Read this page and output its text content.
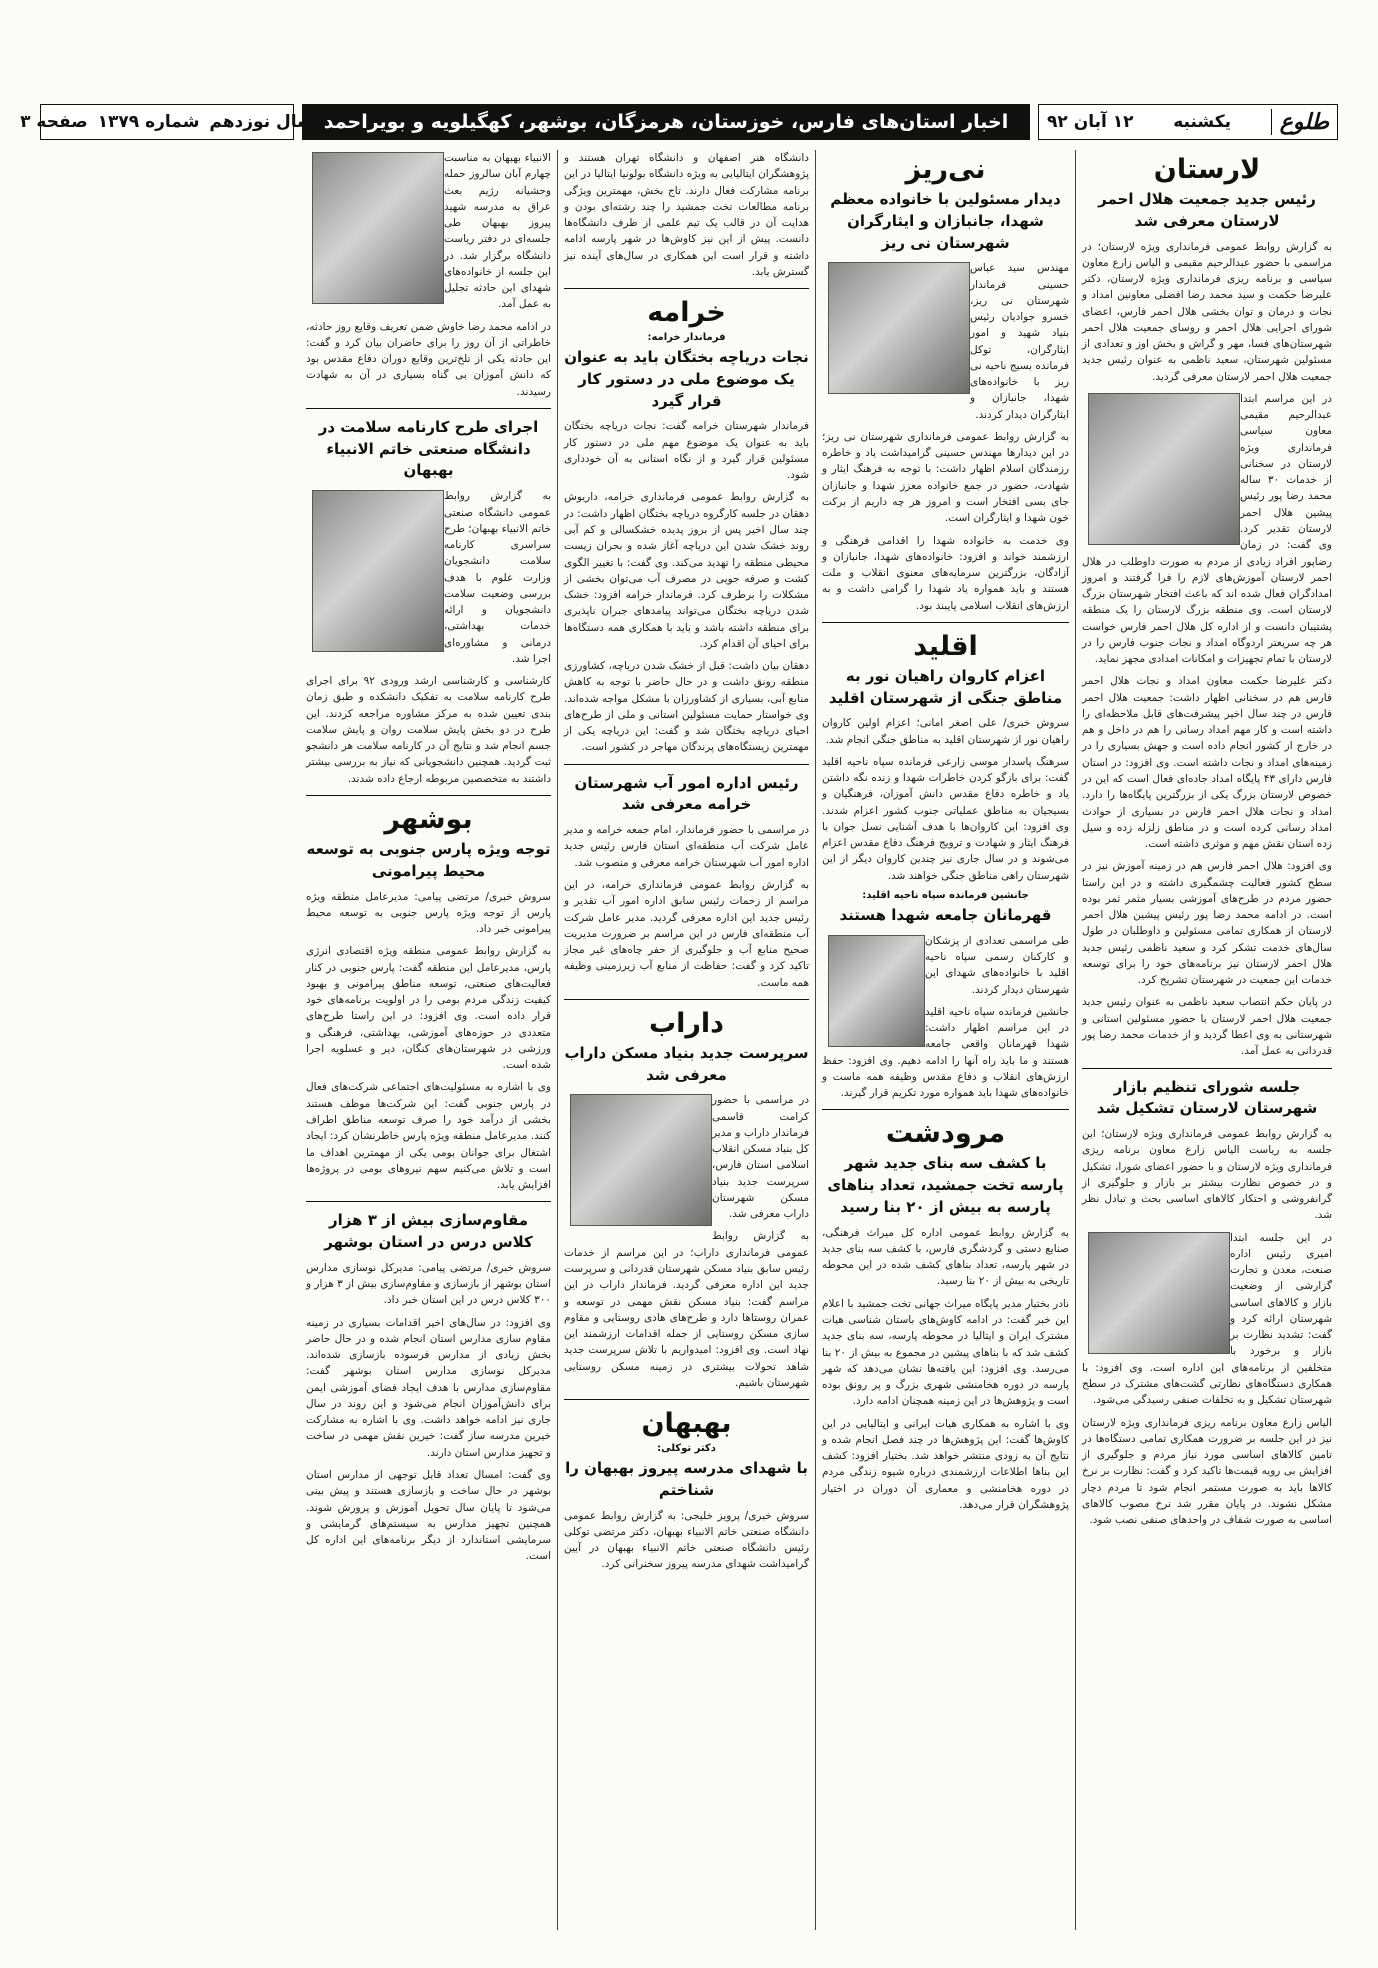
طلوع
یکشنبه
۱۲ آبان ۹۲
اخبار استان‌های فارس، خوزستان، هرمزگان، بوشهر، کهگیلویه و بویراحمد
سال نوزدهم
شماره ۱۳۷۹
صفحه ۳
لارستان
رئیس جدید جمعیت هلال احمر لارستان معرفی شد

به گزارش روابط عمومی فرمانداری ویژه لارستان؛ در مراسمی با حضور عبدالرحیم مقیمی و الیاس زارع معاون سیاسی و برنامه ریزی فرمانداری ویژه لارستان، دکتر علیرضا حکمت و سید محمد رضا افضلی معاونین امداد و نجات و درمان و توان بخشی هلال احمر فارس، اعضای شورای اجرایی هلال احمر و روسای جمعیت هلال احمر شهرستان‌های فسا، مهر و گراش و بخش اوز و تعدادی از مسئولین شهرستان، سعید ناظمی به عنوان رئیس جدید جمعیت هلال احمر لارستان معرفی گردید.

در این مراسم ابتدا عبدالرحیم مقیمی معاون سیاسی فرمانداری ویژه لارستان در سخنانی از خدمات ۳۰ ساله محمد رضا پور رئیس پیشین هلال احمر لارستان تقدیر کرد. وی گفت: در زمان رضاپور افراد زیادی از مردم به صورت داوطلب در هلال احمر لارستان آموزش‌های لازم را فرا گرفتند و امروز امدادگران فعال شده اند که باعث افتخار شهرستان بزرگ لارستان است. وی منطقه بزرگ لارستان را یک منطقه پشتیبان دانست و از اداره کل هلال احمر فارس خواست هر چه سریعتر اردوگاه امداد و نجات جنوب فارس را در لارستان با تمام تجهیزات و امکانات امدادی مجهز نماید.

دکتر علیرضا حکمت معاون امداد و نجات هلال احمر فارس هم در سخنانی اظهار داشت: جمعیت هلال احمر فارس در چند سال اخیر پیشرفت‌های قابل ملاحظه‌ای را داشته است و کار مهم امداد رسانی را هم در داخل و هم در خارج از کشور انجام داده است و جهش بسیاری را در زمینه‌های امداد و نجات داشته است. وی افزود: در استان فارس دارای ۴۳ پایگاه امداد جاده‌ای فعال است که این در خصوص لارستان بزرگ یکی از بزرگترین پایگاه‌ها را دارد. امداد و نجات هلال احمر فارس در بسیاری از حوادث امداد رسانی کرده است و در مناطق زلزله زده و سیل زده استان نقش مهم و موثری داشته است.

وی افزود: هلال احمر فارس هم در زمینه آموزش نیز در سطح کشور فعالیت چشمگیری داشته و در این راستا حضور مردم در طرح‌های آموزشی بسیار مثمر ثمر بوده است. در ادامه محمد رضا پور رئیس پیشین هلال احمر لارستان از همکاری تمامی مسئولین و داوطلبان در طول سال‌های خدمت تشکر کرد و سعید ناظمی رئیس جدید هلال احمر لارستان نیز برنامه‌های خود را برای توسعه خدمات این جمعیت در شهرستان تشریح کرد.

در پایان حکم انتصاب سعید ناظمی به عنوان رئیس جدید جمعیت هلال احمر لارستان با حضور مسئولین استانی و شهرستانی به وی اعطا گردید و از خدمات محمد رضا پور قدردانی به عمل آمد.

جلسه شورای تنظیم بازار شهرستان لارستان تشکیل شد

به گزارش روابط عمومی فرمانداری ویژه لارستان؛ این جلسه به ریاست الیاس زارع معاون برنامه ریزی فرمانداری ویژه لارستان و با حضور اعضای شورا، تشکیل و در خصوص نظارت بیشتر بر بازار و جلوگیری از گرانفروشی و احتکار کالاهای اساسی بحث و تبادل نظر شد.

در این جلسه ابتدا امیری رئیس اداره صنعت، معدن و تجارت گزارشی از وضعیت بازار و کالاهای اساسی شهرستان ارائه کرد و گفت: تشدید نظارت بر بازار و برخورد با متخلفین از برنامه‌های این اداره است. وی افزود: با همکاری دستگاه‌های نظارتی گشت‌های مشترک در سطح شهرستان تشکیل و به تخلفات صنفی رسیدگی می‌شود.

الیاس زارع معاون برنامه ریزی فرمانداری ویژه لارستان نیز در این جلسه بر ضرورت همکاری تمامی دستگاه‌ها در تامین کالاهای اساسی مورد نیاز مردم و جلوگیری از افزایش بی رویه قیمت‌ها تاکید کرد و گفت: نظارت بر نرخ کالاها باید به صورت مستمر انجام شود تا مردم دچار مشکل نشوند. در پایان مقرر شد نرخ مصوب کالاهای اساسی به صورت شفاف در واحدهای صنفی نصب شود.

نی‌ریز
دیدار مسئولین با خانواده معظم شهدا، جانبازان و ایثارگران شهرستان نی ریز

مهندس سید عباس حسینی فرماندار شهرستان نی ریز، خسرو جوادیان رئیس بنیاد شهید و امور ایثارگران، توکل فرمانده بسیج ناحیه نی ریز با خانواده‌های شهدا، جانبازان و ایثارگران دیدار کردند.

به گزارش روابط عمومی فرمانداری شهرستان نی ریز؛ در این دیدارها مهندس حسینی گرامیداشت یاد و خاطره رزمندگان اسلام اظهار داشت: با توجه به فرهنگ ایثار و شهادت، حضور در جمع خانواده معزز شهدا و جانبازان جای بسی افتخار است و امروز هر چه داریم از برکت خون شهدا و ایثارگران است.

وی خدمت به خانواده شهدا را اقدامی فرهنگی و ارزشمند خواند و افزود: خانواده‌های شهدا، جانبازان و آزادگان، بزرگترین سرمایه‌های معنوی انقلاب و ملت هستند و باید همواره یاد شهدا را گرامی داشت و به ارزش‌های انقلاب اسلامی پایبند بود.

اقلید
اعزام کاروان راهیان نور به مناطق جنگی از شهرستان اقلید

سروش خبری/ علی اصغر امانی؛ اعزام اولین کاروان راهیان نور از شهرستان اقلید به مناطق جنگی انجام شد.

سرهنگ پاسدار موسی زارعی فرمانده سپاه ناحیه اقلید گفت: برای بازگو کردن خاطرات شهدا و زنده نگه داشتن یاد و خاطره دفاع مقدس دانش آموزان، فرهنگیان و بسیجیان به مناطق عملیاتی جنوب کشور اعزام شدند. وی افزود: این کاروان‌ها با هدف آشنایی نسل جوان با فرهنگ ایثار و شهادت و ترویج فرهنگ دفاع مقدس اعزام می‌شوند و در سال جاری نیز چندین کاروان دیگر از این شهرستان راهی مناطق جنگی خواهند شد.

جانشین فرمانده سپاه ناحیه اقلید:
قهرمانان جامعه شهدا هستند

طی مراسمی تعدادی از پزشکان و کارکنان رسمی سپاه ناحیه اقلید با خانواده‌های شهدای این شهرستان دیدار کردند.

جانشین فرمانده سپاه ناحیه اقلید در این مراسم اظهار داشت: شهدا قهرمانان واقعی جامعه هستند و ما باید راه آنها را ادامه دهیم. وی افزود: حفظ ارزش‌های انقلاب و دفاع مقدس وظیفه همه ماست و خانواده‌های شهدا باید همواره مورد تکریم قرار گیرند.

مرودشت
با کشف سه بنای جدید شهر پارسه تخت جمشید، تعداد بناهای پارسه به بیش از ۲۰ بنا رسید

به گزارش روابط عمومی اداره کل میراث فرهنگی، صنایع دستی و گردشگری فارس، با کشف سه بنای جدید در شهر پارسه، تعداد بناهای کشف شده در این محوطه تاریخی به بیش از ۲۰ بنا رسید.

نادر بختیار مدیر پایگاه میراث جهانی تخت جمشید با اعلام این خبر گفت: در ادامه کاوش‌های باستان شناسی هیات مشترک ایران و ایتالیا در محوطه پارسه، سه بنای جدید کشف شد که با بناهای پیشین در مجموع به بیش از ۲۰ بنا می‌رسد. وی افزود: این یافته‌ها نشان می‌دهد که شهر پارسه در دوره هخامنشی شهری بزرگ و پر رونق بوده است و پژوهش‌ها در این زمینه همچنان ادامه دارد.

وی با اشاره به همکاری هیات ایرانی و ایتالیایی در این کاوش‌ها گفت: این پژوهش‌ها در چند فصل انجام شده و نتایج آن به زودی منتشر خواهد شد. بختیار افزود: کشف این بناها اطلاعات ارزشمندی درباره شیوه زندگی مردم در دوره هخامنشی و معماری آن دوران در اختیار پژوهشگران قرار می‌دهد.

دانشگاه هنر اصفهان و دانشگاه تهران هستند و پژوهشگران ایتالیایی به ویژه دانشگاه بولونیا ایتالیا در این برنامه مشارکت فعال دارند. تاج بخش، مهمترین ویژگی برنامه مطالعات تخت جمشید را چند رشته‌ای بودن و هدایت آن در قالب یک تیم علمی از طرف دانشگاه‌ها دانست. پیش از این نیز کاوش‌ها در شهر پارسه ادامه داشته و قرار است این همکاری در سال‌های آینده نیز گسترش یابد.

خرامه
فرماندار خرامه:
نجات دریاچه بختگان باید به عنوان یک موضوع ملی در دستور کار قرار گیرد

فرماندار شهرستان خرامه گفت: نجات دریاچه بختگان باید به عنوان یک موضوع مهم ملی در دستور کار مسئولین قرار گیرد و از نگاه استانی به آن خودداری شود.

به گزارش روابط عمومی فرمانداری خرامه، داریوش دهقان در جلسه کارگروه دریاچه بختگان اظهار داشت: در چند سال اخیر پس از بروز پدیده خشکسالی و کم آبی روند خشک شدن این دریاچه آغاز شده و بحران زیست محیطی منطقه را تهدید می‌کند. وی گفت: با تغییر الگوی کشت و صرفه جویی در مصرف آب می‌توان بخشی از مشکلات را برطرف کرد. فرماندار خرامه افزود: خشک شدن دریاچه بختگان می‌تواند پیامدهای جبران ناپذیری برای منطقه داشته باشد و باید با همکاری همه دستگاه‌ها برای احیای آن اقدام کرد.

دهقان بیان داشت: قبل از خشک شدن دریاچه، کشاورزی منطقه رونق داشت و در حال حاضر با توجه به کاهش منابع آبی، بسیاری از کشاورزان با مشکل مواجه شده‌اند. وی خواستار حمایت مسئولین استانی و ملی از طرح‌های احیای دریاچه بختگان شد و گفت: این دریاچه یکی از مهمترین زیستگاه‌های پرندگان مهاجر در کشور است.

رئیس اداره امور آب شهرستان خرامه معرفی شد

در مراسمی با حضور فرماندار، امام جمعه خرامه و مدیر عامل شرکت آب منطقه‌ای استان فارس رئیس جدید اداره امور آب شهرستان خرامه معرفی و منصوب شد.

به گزارش روابط عمومی فرمانداری خرامه، در این مراسم از زحمات رئیس سابق اداره امور آب تقدیر و رئیس جدید این اداره معرفی گردید. مدیر عامل شرکت آب منطقه‌ای فارس در این مراسم بر ضرورت مدیریت صحیح منابع آب و جلوگیری از حفر چاه‌های غیر مجاز تاکید کرد و گفت: حفاظت از منابع آب زیرزمینی وظیفه همه ماست.

داراب
سرپرست جدید بنیاد مسکن داراب معرفی شد

در مراسمی با حضور کرامت قاسمی فرماندار داراب و مدیر کل بنیاد مسکن انقلاب اسلامی استان فارس، سرپرست جدید بنیاد مسکن شهرستان داراب معرفی شد.

به گزارش روابط عمومی فرمانداری داراب؛ در این مراسم از خدمات رئیس سابق بنیاد مسکن شهرستان قدردانی و سرپرست جدید این اداره معرفی گردید. فرماندار داراب در این مراسم گفت: بنیاد مسکن نقش مهمی در توسعه و عمران روستاها دارد و طرح‌های هادی روستایی و مقاوم سازی مسکن روستایی از جمله اقدامات ارزشمند این نهاد است. وی افزود: امیدواریم با تلاش سرپرست جدید شاهد تحولات بیشتری در زمینه مسکن روستایی شهرستان باشیم.

بهبهان
دکتر توکلی:
با شهدای مدرسه پیروز بهبهان را شناختم

سروش خبری/ پرویز خلیجی: به گزارش روابط عمومی دانشگاه صنعتی خاتم الانبیاء بهبهان، دکتر مرتضی توکلی رئیس دانشگاه صنعتی خاتم الانبیاء بهبهان در آیین گرامیداشت شهدای مدرسه پیروز سخنرانی کرد.

الانبیاء بهبهان به مناسبت چهارم آبان سالروز حمله وحشیانه رژیم بعث عراق به مدرسه شهید پیروز بهبهان طی جلسه‌ای در دفتر ریاست دانشگاه برگزار شد. در این جلسه از خانواده‌های شهدای این حادثه تجلیل به عمل آمد.

در ادامه محمد رضا خاوش ضمن تعریف وقایع روز حادثه، خاطراتی از آن روز را برای حاضران بیان کرد و گفت: این حادثه یکی از تلخ‌ترین وقایع دوران دفاع مقدس بود که دانش آموزان بی گناه بسیاری در آن به شهادت رسیدند.

اجرای طرح کارنامه سلامت در دانشگاه صنعتی خاتم الانبیاء بهبهان

به گزارش روابط عمومی دانشگاه صنعتی خاتم الانبیاء بهبهان؛ طرح سراسری کارنامه سلامت دانشجویان وزارت علوم با هدف بررسی وضعیت سلامت دانشجویان و ارائه خدمات بهداشتی، درمانی و مشاوره‌ای اجرا شد.

کارشناسی و کارشناسی ارشد ورودی ۹۲ برای اجرای طرح کارنامه سلامت به تفکیک دانشکده و طبق زمان بندی تعیین شده به مرکز مشاوره مراجعه کردند. این طرح در دو بخش پایش سلامت روان و پایش سلامت جسم انجام شد و نتایج آن در کارنامه سلامت هر دانشجو ثبت گردید. همچنین دانشجویانی که نیاز به بررسی بیشتر داشتند به متخصصین مربوطه ارجاع داده شدند.

بوشهر
توجه ویژه پارس جنوبی به توسعه محیط پیرامونی

سروش خبری/ مرتضی پیامی: مدیرعامل منطقه ویژه پارس از توجه ویژه پارس جنوبی به توسعه محیط پیرامونی خبر داد.

به گزارش روابط عمومی منطقه ویژه اقتصادی انرژی پارس، مدیرعامل این منطقه گفت: پارس جنوبی در کنار فعالیت‌های صنعتی، توسعه مناطق پیرامونی و بهبود کیفیت زندگی مردم بومی را در اولویت برنامه‌های خود قرار داده است. وی افزود: در این راستا طرح‌های متعددی در حوزه‌های آموزشی، بهداشتی، فرهنگی و ورزشی در شهرستان‌های کنگان، دیر و عسلویه اجرا شده است.

وی با اشاره به مسئولیت‌های اجتماعی شرکت‌های فعال در پارس جنوبی گفت: این شرکت‌ها موظف هستند بخشی از درآمد خود را صرف توسعه مناطق اطراف کنند. مدیرعامل منطقه ویژه پارس خاطرنشان کرد: ایجاد اشتغال برای جوانان بومی یکی از مهمترین اهداف ما است و تلاش می‌کنیم سهم نیروهای بومی در پروژه‌ها افزایش یابد.

مقاوم‌سازی بیش از ۳ هزار کلاس درس در استان بوشهر

سروش خبری/ مرتضی پیامی: مدیرکل نوسازی مدارس استان بوشهر از بازسازی و مقاوم‌سازی بیش از ۳ هزار و ۳۰۰ کلاس درس در این استان خبر داد.

وی افزود: در سال‌های اخیر اقدامات بسیاری در زمینه مقاوم سازی مدارس استان انجام شده و در حال حاضر بخش زیادی از مدارس فرسوده بازسازی شده‌اند. مدیرکل نوسازی مدارس استان بوشهر گفت: مقاوم‌سازی مدارس با هدف ایجاد فضای آموزشی ایمن برای دانش‌آموزان انجام می‌شود و این روند در سال جاری نیز ادامه خواهد داشت. وی با اشاره به مشارکت خیرین مدرسه ساز گفت: خیرین نقش مهمی در ساخت و تجهیز مدارس استان دارند.

وی گفت: امسال تعداد قابل توجهی از مدارس استان بوشهر در حال ساخت و بازسازی هستند و پیش بینی می‌شود تا پایان سال تحویل آموزش و پرورش شوند. همچنین تجهیز مدارس به سیستم‌های گرمایشی و سرمایشی استاندارد از دیگر برنامه‌های این اداره کل است.
